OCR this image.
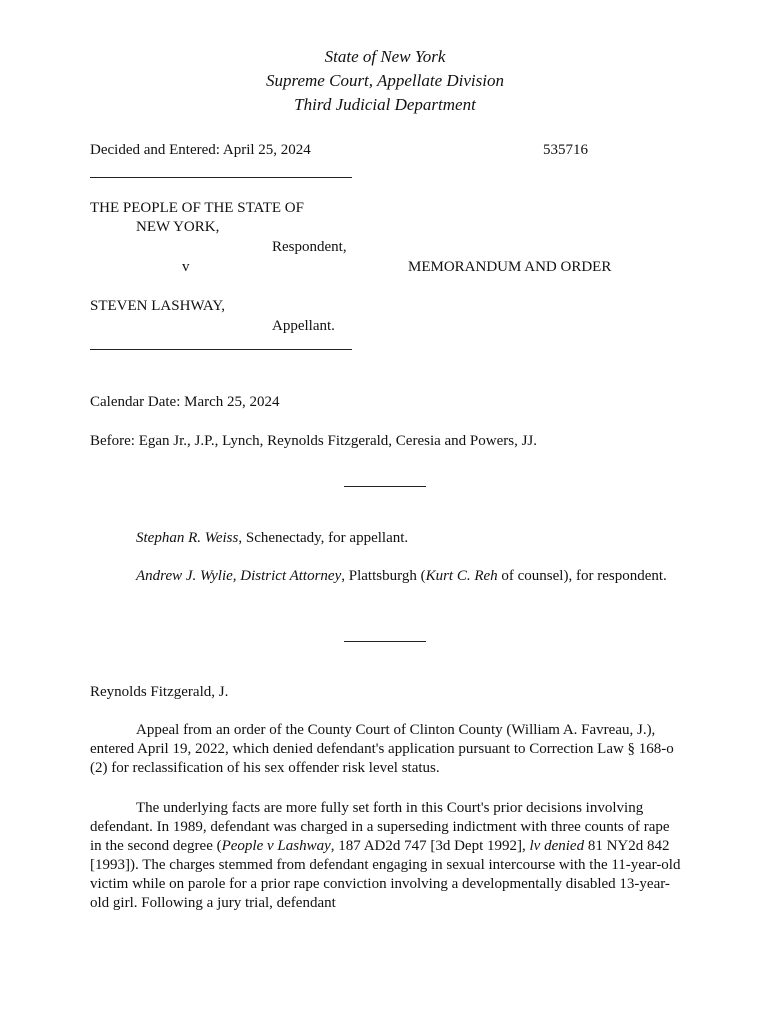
State of New York
Supreme Court, Appellate Division
Third Judicial Department
Decided and Entered: April 25, 2024	535716
THE PEOPLE OF THE STATE OF
NEW YORK,
Respondent,
v	MEMORANDUM AND ORDER
STEVEN LASHWAY,
Appellant.
Calendar Date: March 25, 2024
Before: Egan Jr., J.P., Lynch, Reynolds Fitzgerald, Ceresia and Powers, JJ.
Stephan R. Weiss, Schenectady, for appellant.
Andrew J. Wylie, District Attorney, Plattsburgh (Kurt C. Reh of counsel), for respondent.
Reynolds Fitzgerald, J.
Appeal from an order of the County Court of Clinton County (William A. Favreau, J.), entered April 19, 2022, which denied defendant's application pursuant to Correction Law § 168-o (2) for reclassification of his sex offender risk level status.
The underlying facts are more fully set forth in this Court's prior decisions involving defendant. In 1989, defendant was charged in a superseding indictment with three counts of rape in the second degree (People v Lashway, 187 AD2d 747 [3d Dept 1992], lv denied 81 NY2d 842 [1993]). The charges stemmed from defendant engaging in sexual intercourse with the 11-year-old victim while on parole for a prior rape conviction involving a developmentally disabled 13-year-old girl. Following a jury trial, defendant
